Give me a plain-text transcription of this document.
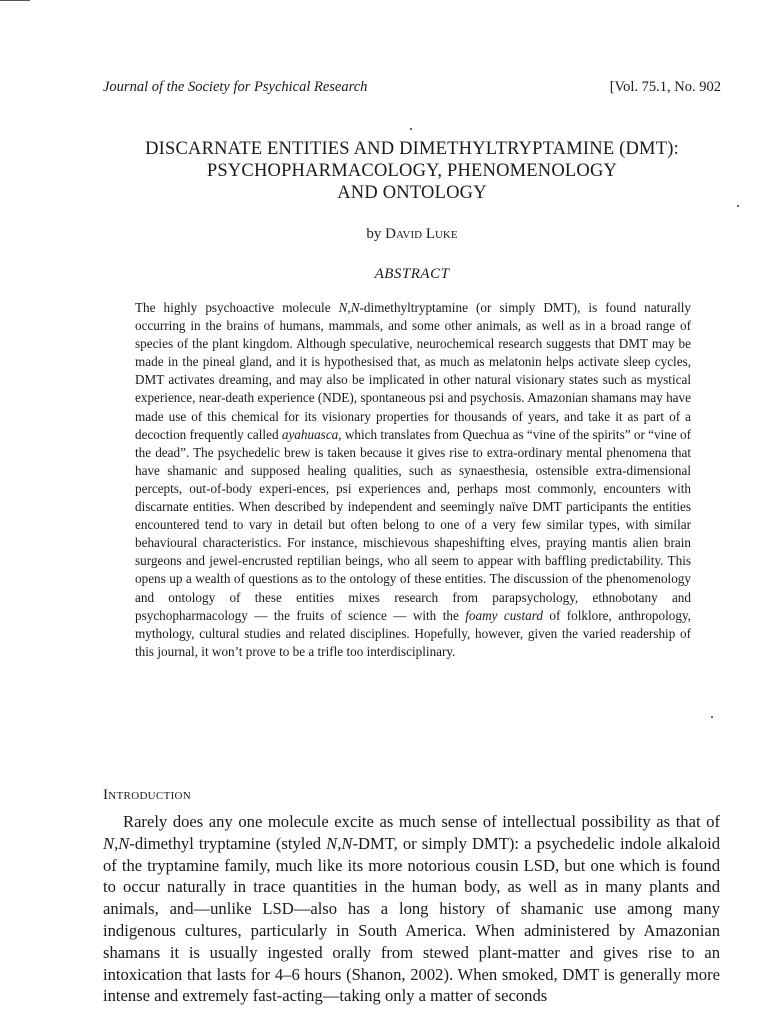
Journal of the Society for Psychical Research	[Vol. 75.1, No. 902
DISCARNATE ENTITIES AND DIMETHYLTRYPTAMINE (DMT):
PSYCHOPHARMACOLOGY, PHENOMENOLOGY
AND ONTOLOGY
by David Luke
ABSTRACT

The highly psychoactive molecule N,N-dimethyltryptamine (or simply DMT), is found naturally occurring in the brains of humans, mammals, and some other animals, as well as in a broad range of species of the plant kingdom. Although speculative, neurochemical research suggests that DMT may be made in the pineal gland, and it is hypothesised that, as much as melatonin helps activate sleep cycles, DMT activates dreaming, and may also be implicated in other natural visionary states such as mystical experience, near-death experience (NDE), spontaneous psi and psychosis. Amazonian shamans may have made use of this chemical for its visionary properties for thousands of years, and take it as part of a decoction frequently called ayahuasca, which translates from Quechua as “vine of the spirits” or “vine of the dead”. The psychedelic brew is taken because it gives rise to extra-ordinary mental phenomena that have shamanic and supposed healing qualities, such as synaesthesia, ostensible extra-dimensional percepts, out-of-body experi-ences, psi experiences and, perhaps most commonly, encounters with discarnate entities. When described by independent and seemingly naïve DMT participants the entities encountered tend to vary in detail but often belong to one of a very few similar types, with similar behavioural characteristics. For instance, mischievous shapeshifting elves, praying mantis alien brain surgeons and jewel-encrusted reptilian beings, who all seem to appear with baffling predictability. This opens up a wealth of questions as to the ontology of these entities. The discussion of the phenomenology and ontology of these entities mixes research from parapsychology, ethnobotany and psychopharmacology — the fruits of science — with the foamy custard of folklore, anthropology, mythology, cultural studies and related disciplines. Hopefully, however, given the varied readership of this journal, it won’t prove to be a trifle too interdisciplinary.

Introduction

Rarely does any one molecule excite as much sense of intellectual possibility as that of N,N-dimethyl tryptamine (styled N,N-DMT, or simply DMT): a psychedelic indole alkaloid of the tryptamine family, much like its more notorious cousin LSD, but one which is found to occur naturally in trace quantities in the human body, as well as in many plants and animals, and—unlike LSD—also has a long history of shamanic use among many indigenous cultures, particularly in South America. When administered by Amazonian shamans it is usually ingested orally from stewed plant-matter and gives rise to an intoxication that lasts for 4–6 hours (Shanon, 2002). When smoked, DMT is generally more intense and extremely fast-acting—taking only a matter of seconds
